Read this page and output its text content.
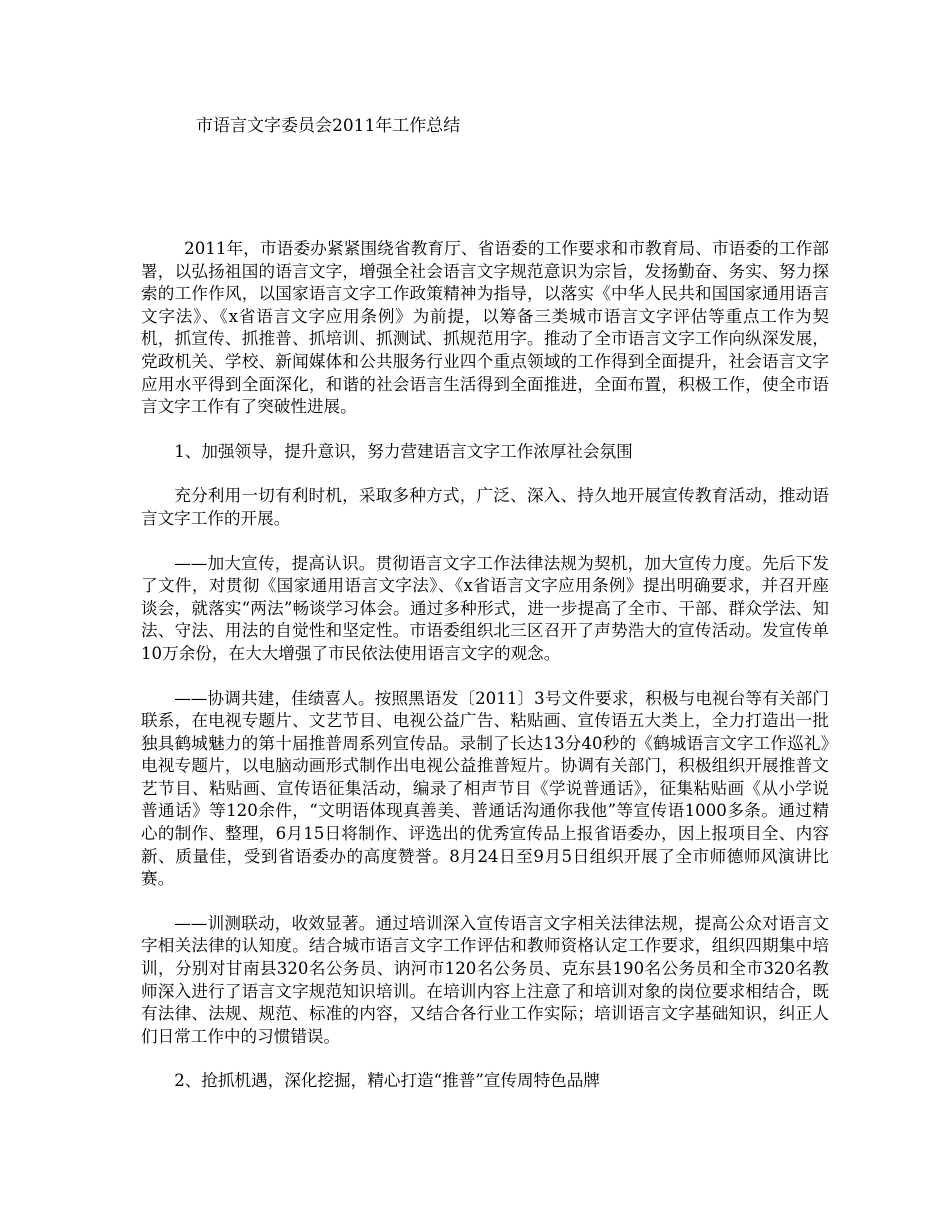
市语言文字委员会2011年工作总结

2011年，市语委办紧紧围绕省教育厅、省语委的工作要求和市教育局、市语委的工作部署，以弘扬祖国的语言文字，增强全社会语言文字规范意识为宗旨，发扬勤奋、务实、努力探索的工作作风，以国家语言文字工作政策精神为指导，以落实《中华人民共和国国家通用语言文字法》、《x省语言文字应用条例》为前提，以筹备三类城市语言文字评估等重点工作为契机，抓宣传、抓推普、抓培训、抓测试、抓规范用字。推动了全市语言文字工作向纵深发展，党政机关、学校、新闻媒体和公共服务行业四个重点领域的工作得到全面提升，社会语言文字应用水平得到全面深化，和谐的社会语言生活得到全面推进，全面布置，积极工作，使全市语言文字工作有了突破性进展。

1、加强领导，提升意识，努力营建语言文字工作浓厚社会氛围

充分利用一切有利时机，采取多种方式，广泛、深入、持久地开展宣传教育活动，推动语言文字工作的开展。

——加大宣传，提高认识。贯彻语言文字工作法律法规为契机，加大宣传力度。先后下发了文件，对贯彻《国家通用语言文字法》、《x省语言文字应用条例》提出明确要求，并召开座谈会，就落实“两法”畅谈学习体会。通过多种形式，进一步提高了全市、干部、群众学法、知法、守法、用法的自觉性和坚定性。市语委组织北三区召开了声势浩大的宣传活动。发宣传单10万余份，在大大增强了市民依法使用语言文字的观念。

——协调共建，佳绩喜人。按照黑语发〔2011〕3号文件要求，积极与电视台等有关部门联系，在电视专题片、文艺节目、电视公益广告、粘贴画、宣传语五大类上，全力打造出一批独具鹤城魅力的第十届推普周系列宣传品。录制了长达13分40秒的《鹤城语言文字工作巡礼》电视专题片，以电脑动画形式制作出电视公益推普短片。协调有关部门，积极组织开展推普文艺节目、粘贴画、宣传语征集活动，编录了相声节目《学说普通话》，征集粘贴画《从小学说普通话》等120余件，“文明语体现真善美、普通话沟通你我他”等宣传语1000多条。通过精心的制作、整理，6月15日将制作、评选出的优秀宣传品上报省语委办，因上报项目全、内容新、质量佳，受到省语委办的高度赞誉。8月24日至9月5日组织开展了全市师德师风演讲比赛。

——训测联动，收效显著。通过培训深入宣传语言文字相关法律法规，提高公众对语言文字相关法律的认知度。结合城市语言文字工作评估和教师资格认定工作要求，组织四期集中培训，分别对甘南县320名公务员、讷河市120名公务员、克东县190名公务员和全市320名教师深入进行了语言文字规范知识培训。在培训内容上注意了和培训对象的岗位要求相结合，既有法律、法规、规范、标准的内容，又结合各行业工作实际；培训语言文字基础知识，纠正人们日常工作中的习惯错误。

2、抢抓机遇，深化挖掘，精心打造“推普”宣传周特色品牌
